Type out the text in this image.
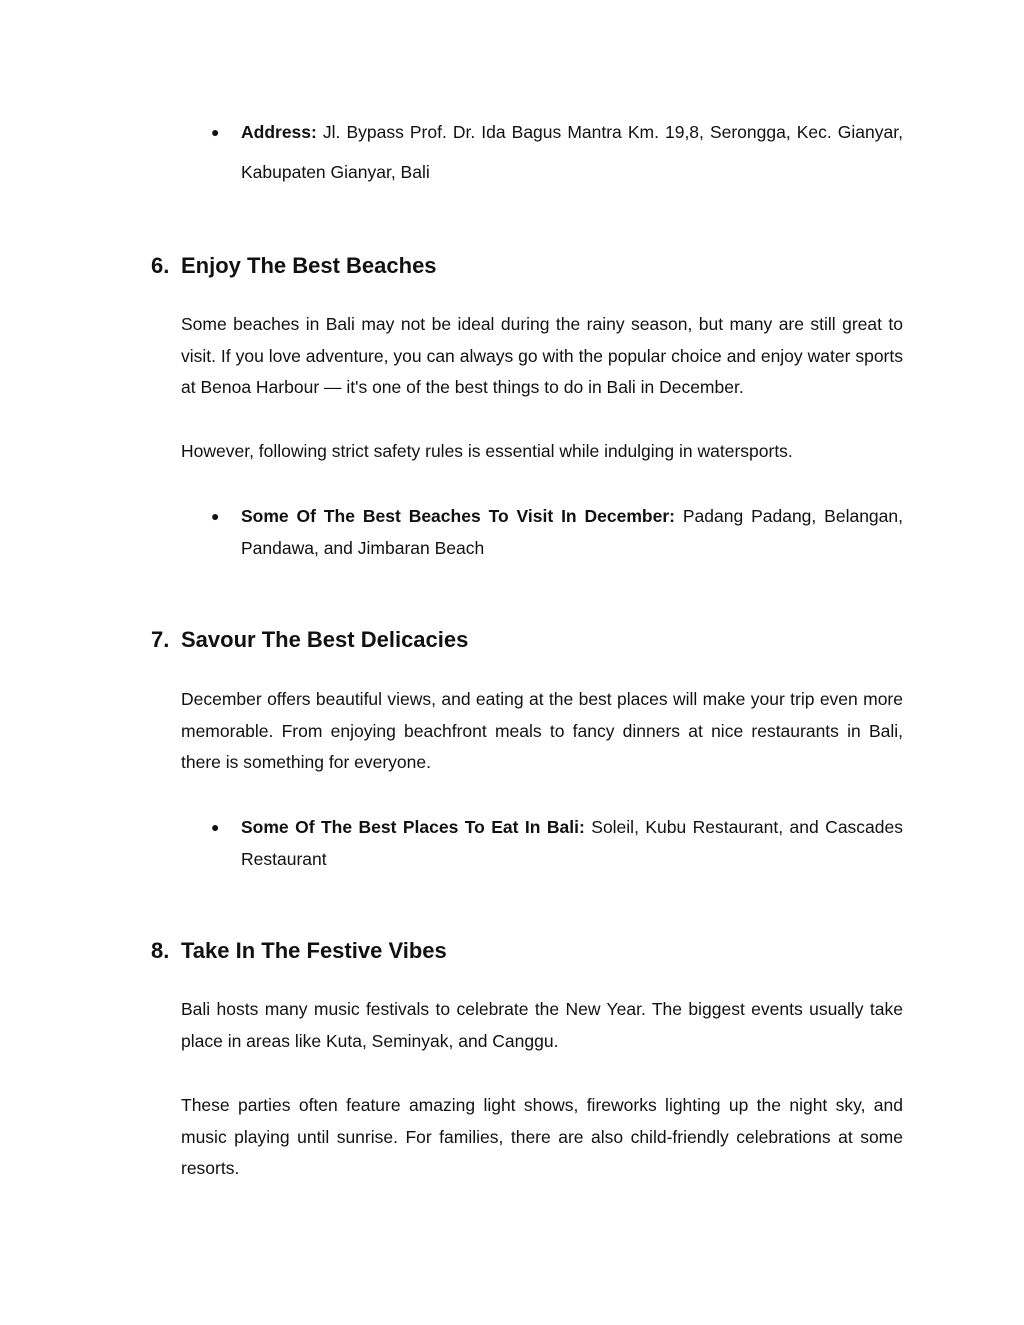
● Address: Jl. Bypass Prof. Dr. Ida Bagus Mantra Km. 19,8, Serongga, Kec. Gianyar, Kabupaten Gianyar, Bali
6. Enjoy The Best Beaches
Some beaches in Bali may not be ideal during the rainy season, but many are still great to visit. If you love adventure, you can always go with the popular choice and enjoy water sports at Benoa Harbour — it's one of the best things to do in Bali in December.
However, following strict safety rules is essential while indulging in watersports.
● Some Of The Best Beaches To Visit In December: Padang Padang, Belangan, Pandawa, and Jimbaran Beach
7. Savour The Best Delicacies
December offers beautiful views, and eating at the best places will make your trip even more memorable. From enjoying beachfront meals to fancy dinners at nice restaurants in Bali, there is something for everyone.
● Some Of The Best Places To Eat In Bali: Soleil, Kubu Restaurant, and Cascades Restaurant
8. Take In The Festive Vibes
Bali hosts many music festivals to celebrate the New Year. The biggest events usually take place in areas like Kuta, Seminyak, and Canggu.
These parties often feature amazing light shows, fireworks lighting up the night sky, and music playing until sunrise. For families, there are also child-friendly celebrations at some resorts.
